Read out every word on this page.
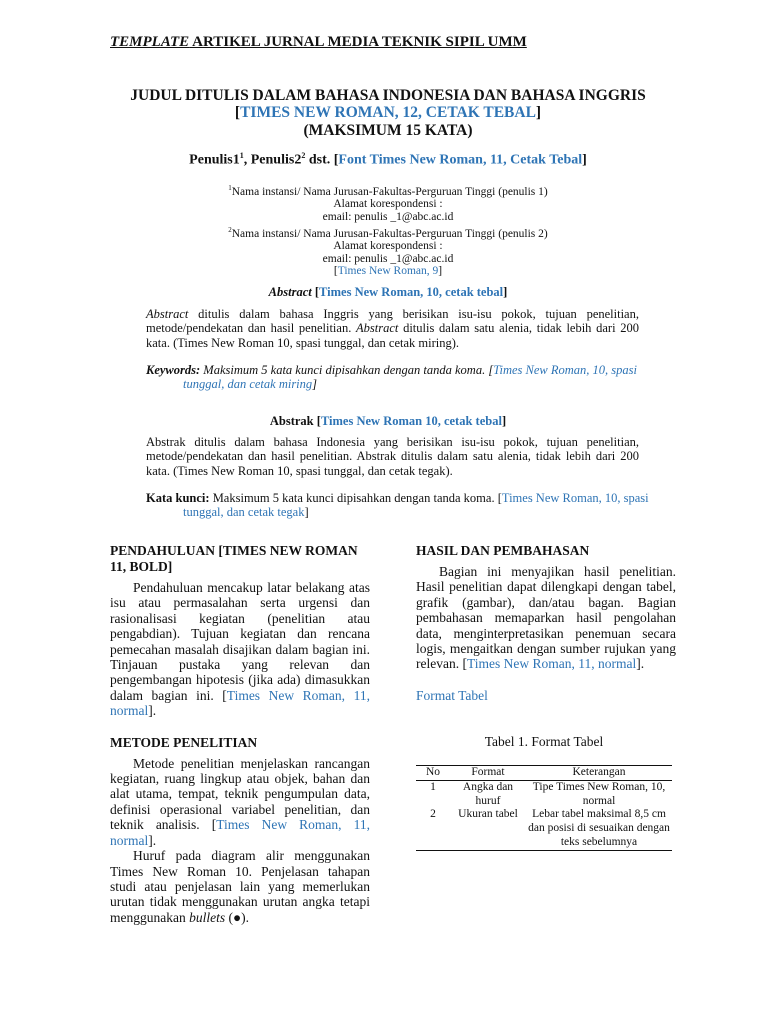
TEMPLATE ARTIKEL JURNAL MEDIA TEKNIK SIPIL UMM
JUDUL DITULIS DALAM BAHASA INDONESIA DAN BAHASA INGGRIS
[TIMES NEW ROMAN, 12, CETAK TEBAL]
(MAKSIMUM 15 KATA)
$Penulis1^1$, $Penulis2^2$ dst. [Font Times New Roman, 11, Cetak Tebal]
$^1$Nama instansi/ Nama Jurusan-Fakultas-Perguruan Tinggi (penulis 1)
Alamat korespondensi :
email: penulis _1@abc.ac.id
$^2$Nama instansi/ Nama Jurusan-Fakultas-Perguruan Tinggi (penulis 2)
Alamat korespondensi :
email: penulis _1@abc.ac.id
[Times New Roman, 9]
Abstract [Times New Roman, 10, cetak tebal]
Abstract ditulis dalam bahasa Inggris yang berisikan isu-isu pokok, tujuan penelitian, metode/pendekatan dan hasil penelitian. Abstract ditulis dalam satu alenia, tidak lebih dari 200 kata. (Times New Roman 10, spasi tunggal, dan cetak miring).
Keywords: Maksimum 5 kata kunci dipisahkan dengan tanda koma. [Times New Roman, 10, spasi tunggal, dan cetak miring]
Abstrak [Times New Roman 10, cetak tebal]
Abstrak ditulis dalam bahasa Indonesia yang berisikan isu-isu pokok, tujuan penelitian, metode/pendekatan dan hasil penelitian. Abstrak ditulis dalam satu alenia, tidak lebih dari 200 kata. (Times New Roman 10, spasi tunggal, dan cetak tegak).
Kata kunci: Maksimum 5 kata kunci dipisahkan dengan tanda koma. [Times New Roman, 10, spasi tunggal, dan cetak tegak]
PENDAHULUAN [TIMES NEW ROMAN 11, BOLD]

Pendahuluan mencakup latar belakang atas isu atau permasalahan serta urgensi dan rasionalisasi kegiatan (penelitian atau pengabdian). Tujuan kegiatan dan rencana pemecahan masalah disajikan dalam bagian ini. Tinjauan pustaka yang relevan dan pengembangan hipotesis (jika ada) dimasukkan dalam bagian ini. [Times New Roman, 11, normal].

METODE PENELITIAN

Metode penelitian menjelaskan rancangan kegiatan, ruang lingkup atau objek, bahan dan alat utama, tempat, teknik pengumpulan data, definisi operasional variabel penelitian, dan teknik analisis. [Times New Roman, 11, normal].

Huruf pada diagram alir menggunakan Times New Roman 10. Penjelasan tahapan studi atau penjelasan lain yang memerlukan urutan tidak menggunakan urutan angka tetapi menggunakan bullets (●).

HASIL DAN PEMBAHASAN

Bagian ini menyajikan hasil penelitian. Hasil penelitian dapat dilengkapi dengan tabel, grafik (gambar), dan/atau bagan. Bagian pembahasan memaparkan hasil pengolahan data, menginterpretasikan penemuan secara logis, mengaitkan dengan sumber rujukan yang relevan. [Times New Roman, 11, normal].

Format Tabel
Tabel 1. Format Tabel
No	Format	Keterangan
1	Angka dan huruf	Tipe Times New Roman, 10, normal
2	Ukuran tabel	Lebar tabel maksimal 8,5 cm dan posisi di sesuaikan dengan teks sebelumnya
